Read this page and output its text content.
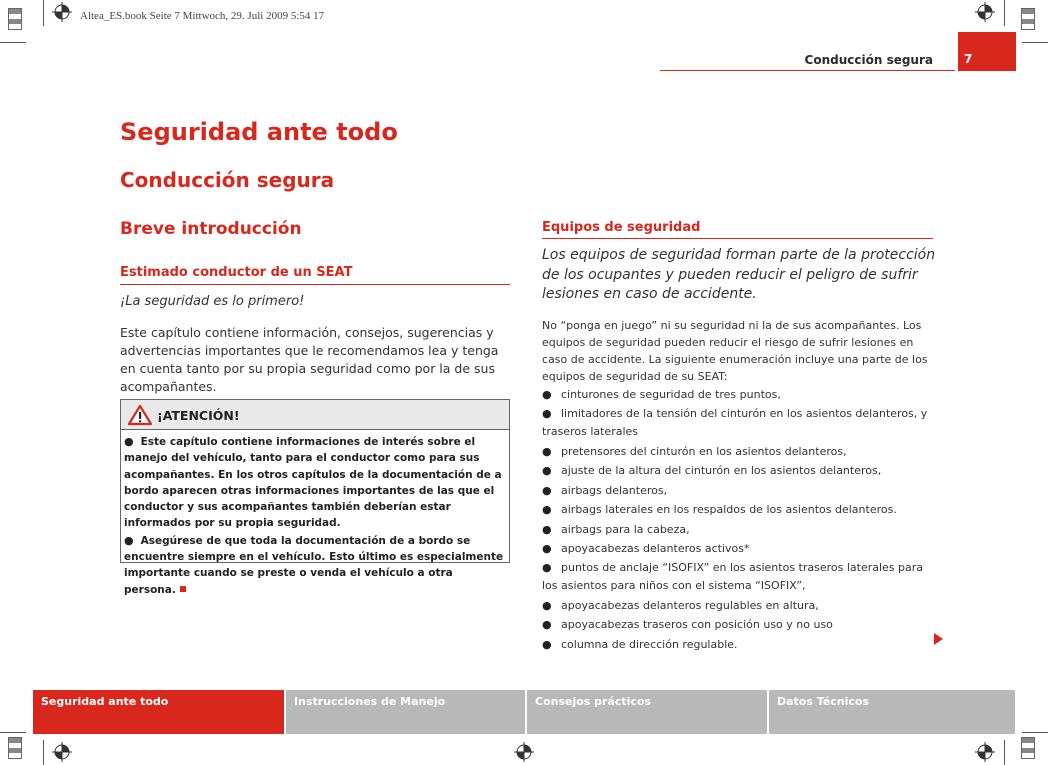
Altea_ES.book Seite 7 Mittwoch, 29. Juli 2009 5:54 17
Conducción segura	7
Seguridad ante todo
Conducción segura
Breve introducción
Estimado conductor de un SEAT
¡La seguridad es lo primero!
Este capítulo contiene información, consejos, sugerencias y advertencias importantes que le recomendamos lea y tenga en cuenta tanto por su propia seguridad como por la de sus acompañantes.
¡ATENCIÓN!

● Este capítulo contiene informaciones de interés sobre el manejo del vehículo, tanto para el conductor como para sus acompañantes. En los otros capítulos de la documentación de a bordo aparecen otras informaciones importantes de las que el conductor y sus acompañantes también deberían estar informados por su propia seguridad.

● Asegúrese de que toda la documentación de a bordo se encuentre siempre en el vehículo. Esto último es especialmente importante cuando se preste o venda el vehículo a otra persona.

Equipos de seguridad
Los equipos de seguridad forman parte de la protección de los ocupantes y pueden reducir el peligro de sufrir lesiones en caso de accidente.
No “ponga en juego” ni su seguridad ni la de sus acompañantes. Los equipos de seguridad pueden reducir el riesgo de sufrir lesiones en caso de accidente. La siguiente enumeración incluye una parte de los equipos de seguridad de su SEAT:
● cinturones de seguridad de tres puntos,
● limitadores de la tensión del cinturón en los asientos delanteros, y traseros laterales
● pretensores del cinturón en los asientos delanteros,
● ajuste de la altura del cinturón en los asientos delanteros,
● airbags delanteros,
● airbags laterales en los respaldos de los asientos delanteros.
● airbags para la cabeza,
● apoyacabezas delanteros activos*
● puntos de anclaje “ISOFIX” en los asientos traseros laterales para los asientos para niños con el sistema “ISOFIX”,
● apoyacabezas delanteros regulables en altura,
● apoyacabezas traseros con posición uso y no uso
● columna de dirección regulable.
Seguridad ante todo	Instrucciones de Manejo	Consejos prácticos	Datos Técnicos
